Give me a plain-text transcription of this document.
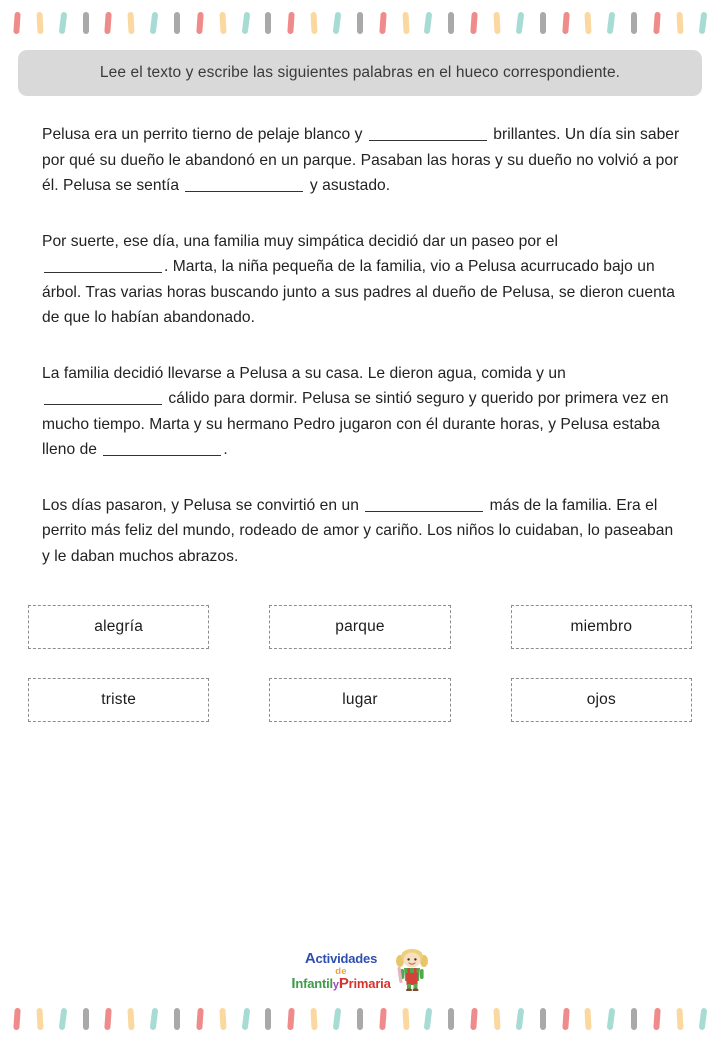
Lee el texto y escribe las siguientes palabras en el hueco correspondiente.

Pelusa era un perrito tierno de pelaje blanco y	brillantes. Un día sin saber por qué su dueño le abandonó en un parque. Pasaban las horas y su dueño no volvió a por él. Pelusa se sentía	y asustado.

Por suerte, ese día, una familia muy simpática decidió dar un paseo por el . Marta, la niña pequeña de la familia, vio a Pelusa acurrucado bajo un árbol. Tras varias horas buscando junto a sus padres al dueño de Pelusa, se dieron cuenta de que lo habían abandonado.

La familia decidió llevarse a Pelusa a su casa. Le dieron agua, comida y un  cálido para dormir. Pelusa se sintió seguro y querido por primera vez en mucho tiempo. Marta y su hermano Pedro jugaron con él durante horas, y Pelusa estaba lleno de	.

Los días pasaron, y Pelusa se convirtió en un	más de la familia. Era el perrito más feliz del mundo, rodeado de amor y cariño. Los niños lo cuidaban, lo paseaban y le daban muchos abrazos.

alegría	parque	miembro
triste	lugar	ojos
Actividades
de
InfantilyPrimaria
